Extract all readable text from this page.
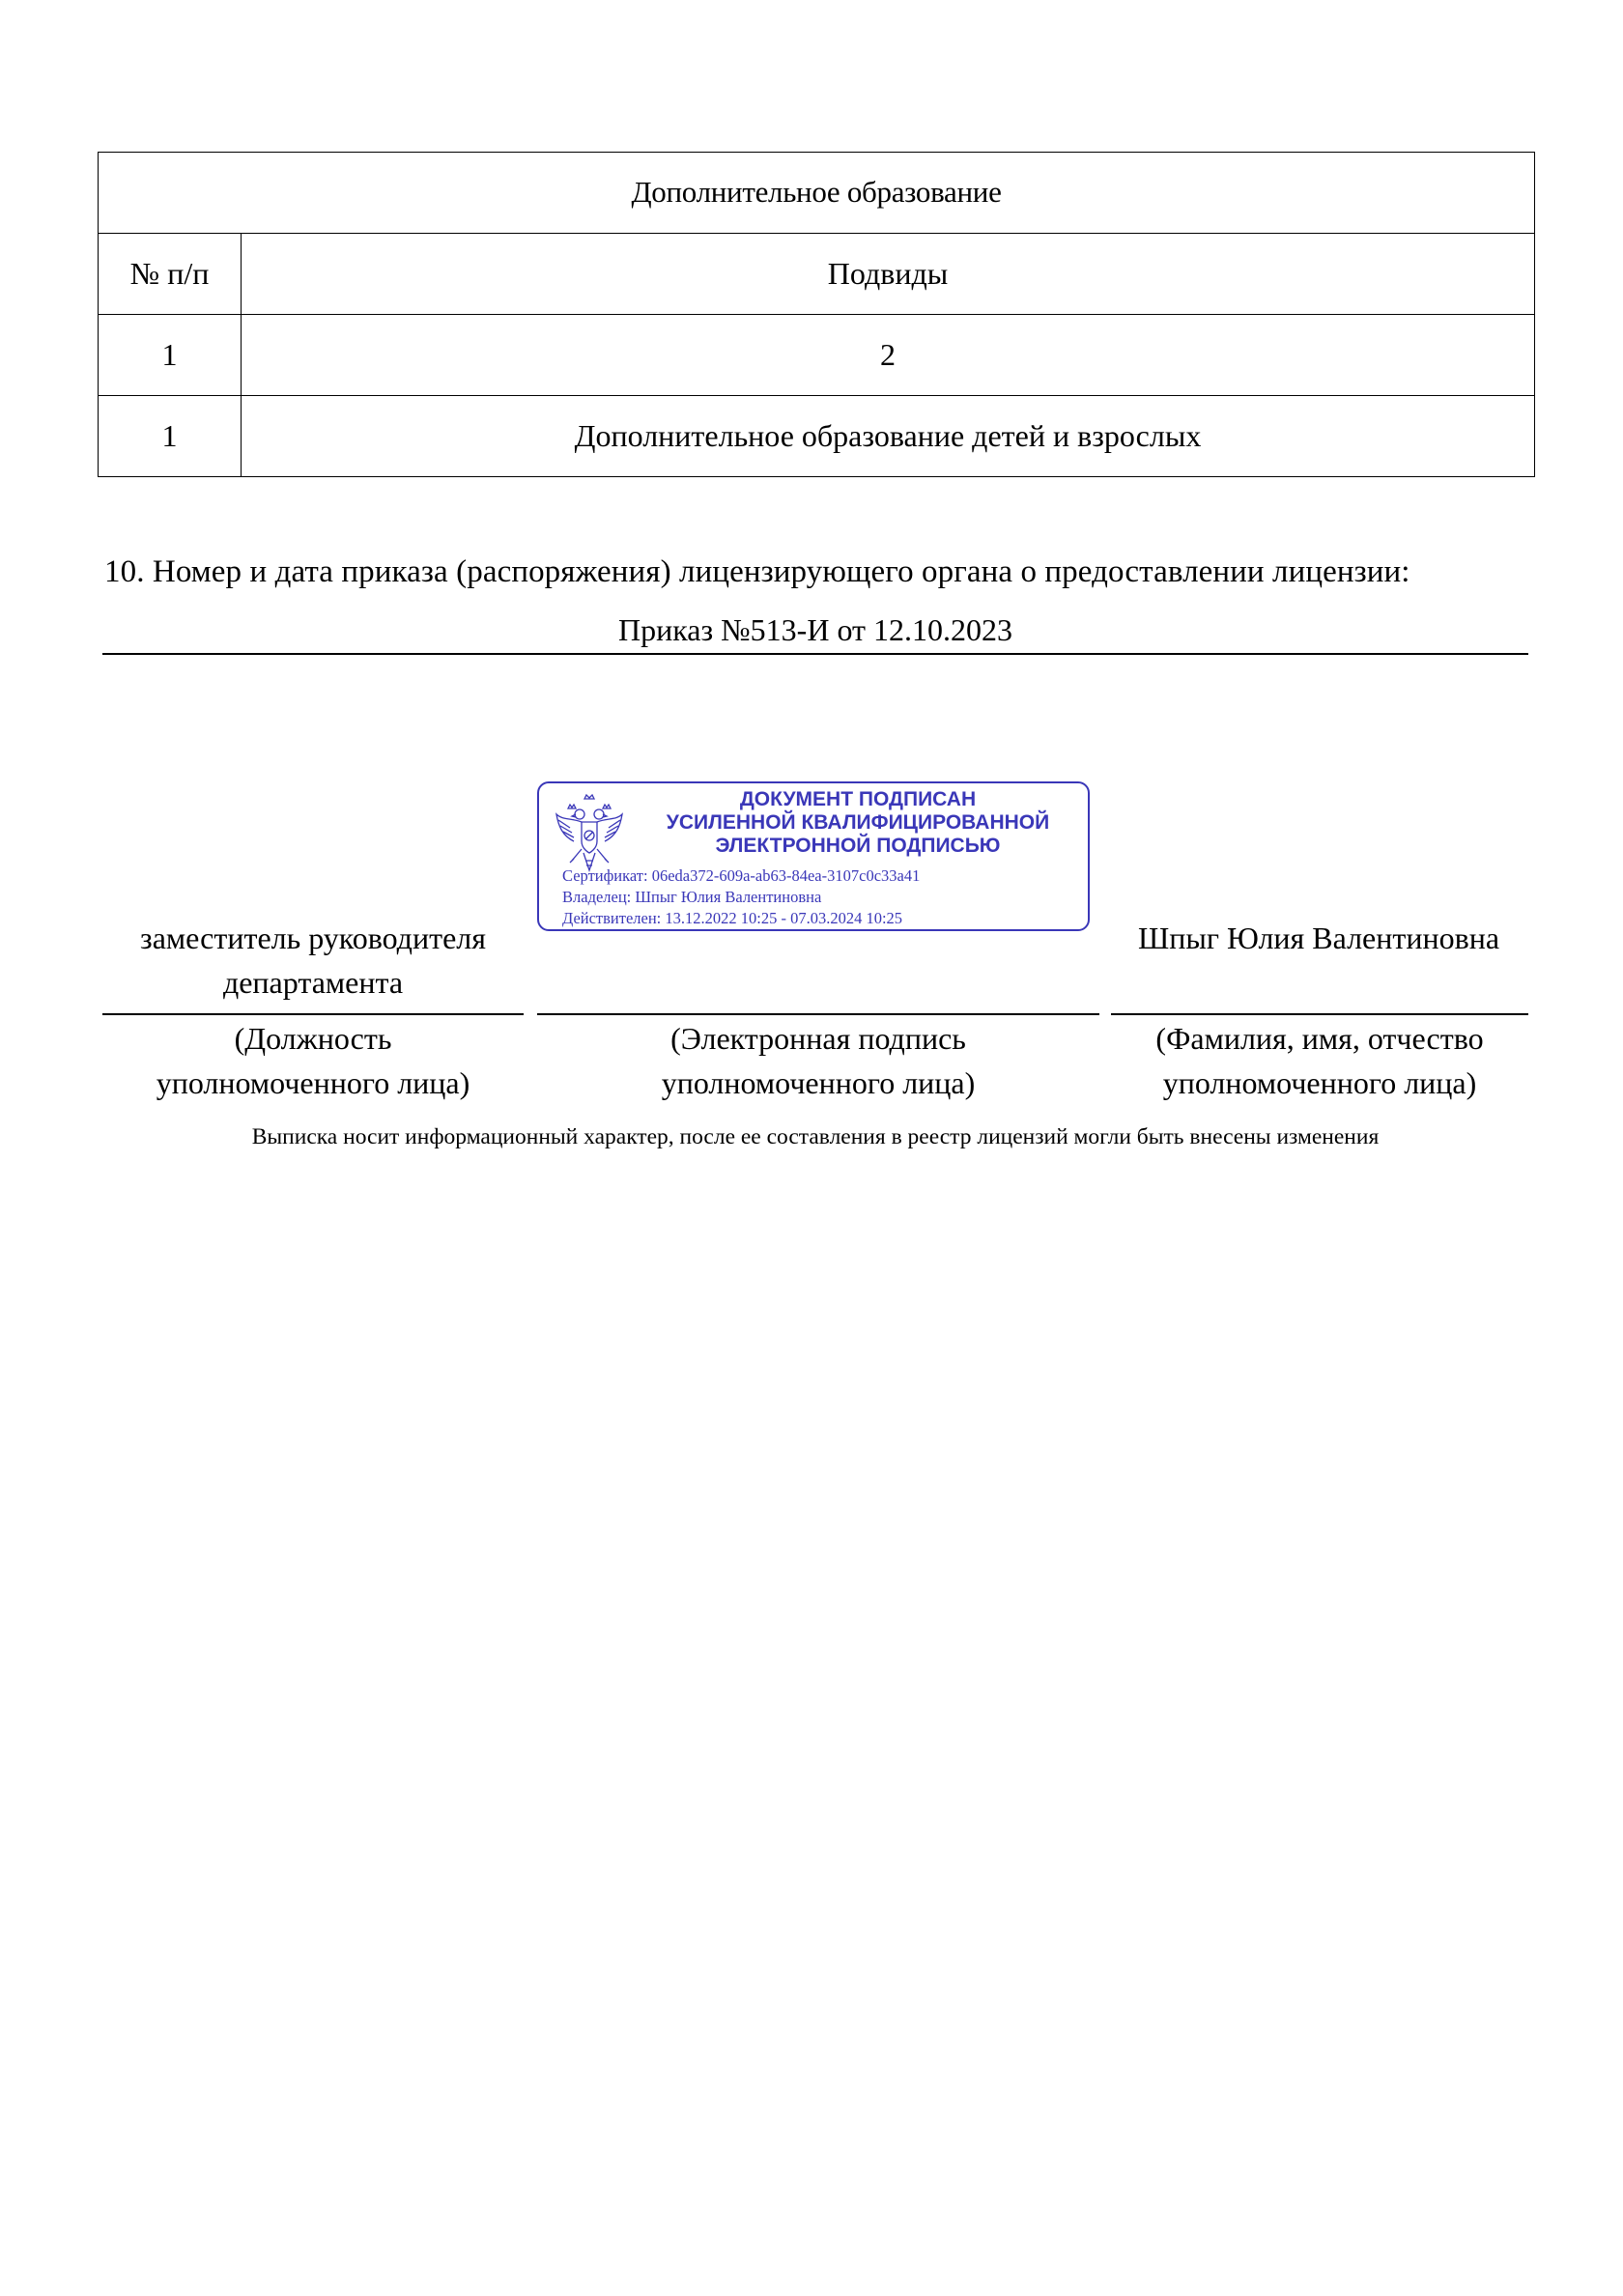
Дополнительное образование	
№ п/п	Подвиды
1	2
1	Дополнительное образование детей и взрослых
10. Номер и дата приказа (распоряжения) лицензирующего органа о предоставлении лицензии:
Приказ №513-И от 12.10.2023
ДОКУМЕНТ ПОДПИСАН
УСИЛЕННОЙ КВАЛИФИЦИРОВАННОЙ
ЭЛЕКТРОННОЙ ПОДПИСЬЮ
Сертификат: 06eda372-609a-ab63-84ea-3107c0c33a41
Владелец: Шпыг Юлия Валентиновна
Действителен: 13.12.2022 10:25 - 07.03.2024 10:25
заместитель руководителя
департамента
Шпыг Юлия Валентиновна
(Должность
уполномоченного лица)
(Электронная подпись
уполномоченного лица)
(Фамилия, имя, отчество
уполномоченного лица)
Выписка носит информационный характер, после ее составления в реестр лицензий могли быть внесены изменения
